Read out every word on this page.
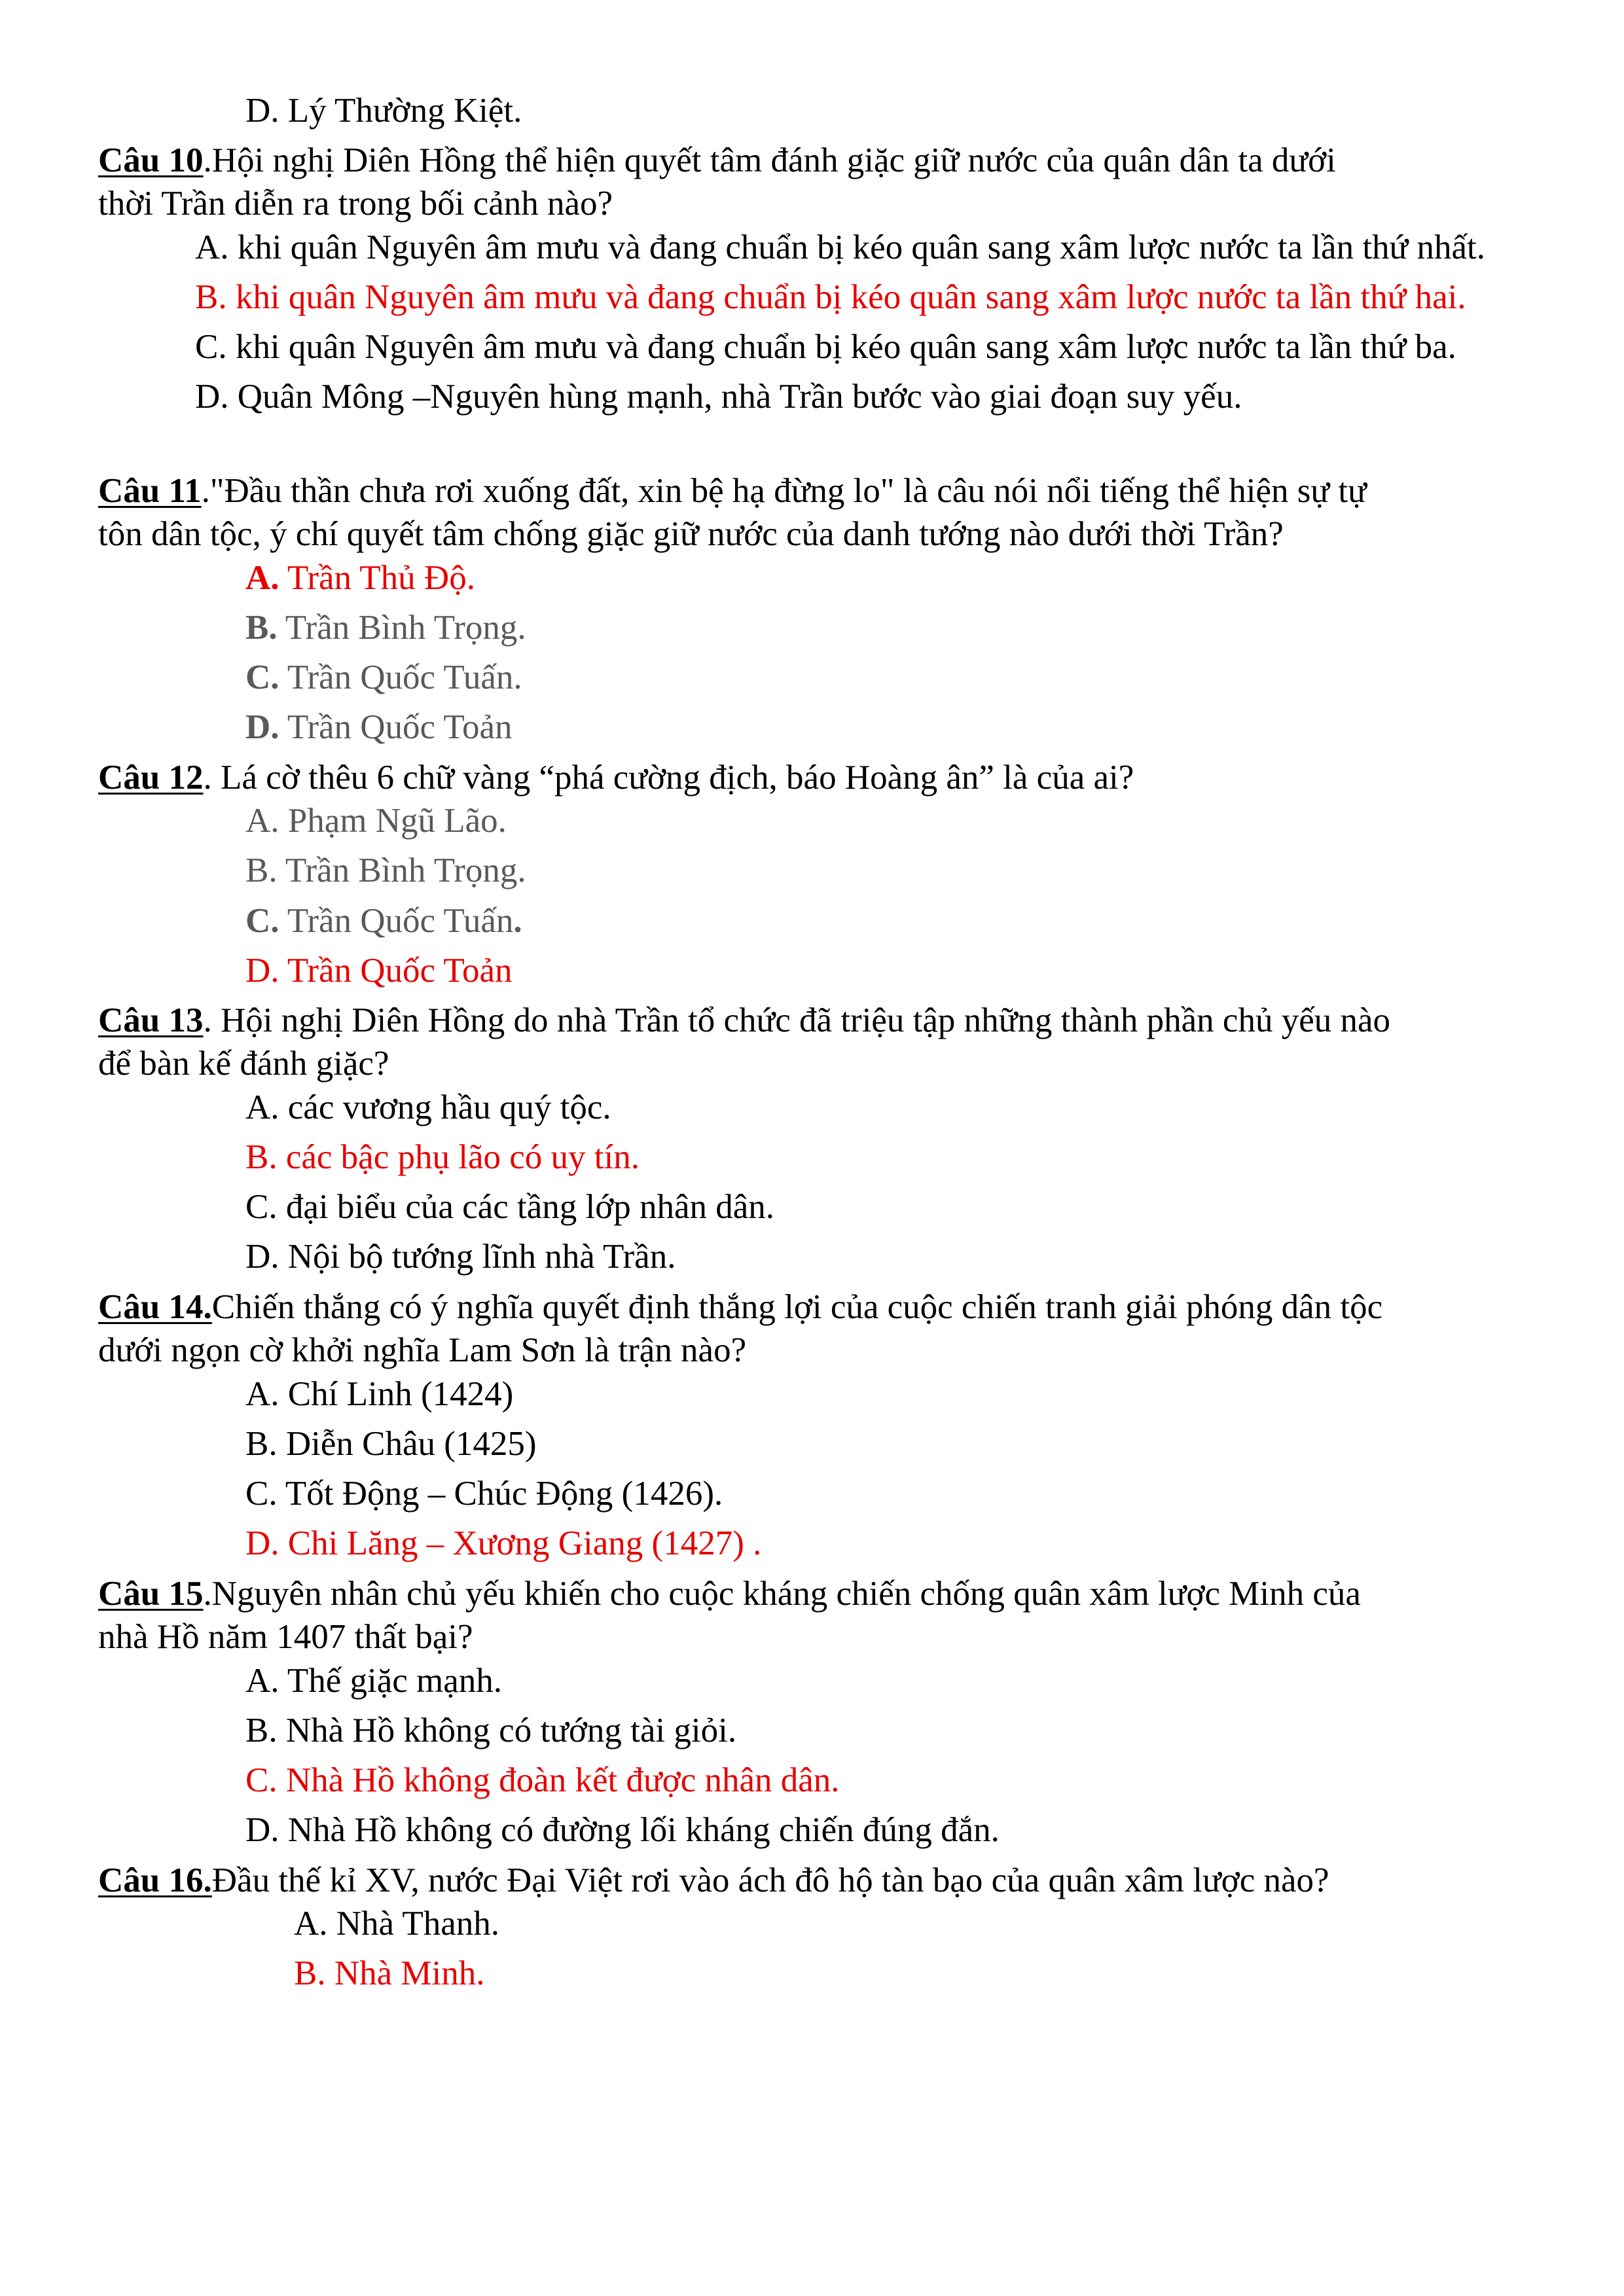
D. Lý Thường Kiệt.
Câu 10.Hội nghị Diên Hồng thể hiện quyết tâm đánh giặc giữ nước của quân dân ta dưới
thời Trần diễn ra trong bối cảnh nào?
A. khi quân Nguyên âm mưu và đang chuẩn bị kéo quân sang xâm lược nước ta lần thứ nhất.
B. khi quân Nguyên âm mưu và đang chuẩn bị kéo quân sang xâm lược nước ta lần thứ hai.
C. khi quân Nguyên âm mưu và đang chuẩn bị kéo quân sang xâm lược nước ta lần thứ ba.
D. Quân Mông –Nguyên hùng mạnh, nhà Trần bước vào giai đoạn suy yếu.
Câu 11."Đầu thần chưa rơi xuống đất, xin bệ hạ đừng lo" là câu nói nổi tiếng thể hiện sự tự
tôn dân tộc, ý chí quyết tâm chống giặc giữ nước của danh tướng nào dưới thời Trần?
A. Trần Thủ Độ.
B. Trần Bình Trọng.
C. Trần Quốc Tuấn.
D. Trần Quốc Toản
Câu 12. Lá cờ thêu 6 chữ vàng “phá cường địch, báo Hoàng ân” là của ai?
A. Phạm Ngũ Lão.
B. Trần Bình Trọng.
C. Trần Quốc Tuấn.
D. Trần Quốc Toản
Câu 13. Hội nghị Diên Hồng do nhà Trần tổ chức đã triệu tập những thành phần chủ yếu nào
để bàn kế đánh giặc?
A. các vương hầu quý tộc.
B. các bậc phụ lão có uy tín.
C. đại biểu của các tầng lớp nhân dân.
D. Nội bộ tướng lĩnh nhà Trần.
Câu 14.Chiến thắng có ý nghĩa quyết định thắng lợi của cuộc chiến tranh giải phóng dân tộc
dưới ngọn cờ khởi nghĩa Lam Sơn là trận nào?
A. Chí Linh (1424)
B. Diễn Châu (1425)
C. Tốt Động – Chúc Động (1426).
D. Chi Lăng – Xương Giang (1427) .
Câu 15.Nguyên nhân chủ yếu khiến cho cuộc kháng chiến chống quân xâm lược Minh của
nhà Hồ năm 1407 thất bại?
A. Thế giặc mạnh.
B. Nhà Hồ không có tướng tài giỏi.
C. Nhà Hồ không đoàn kết được nhân dân.
D. Nhà Hồ không có đường lối kháng chiến đúng đắn.
Câu 16.Đầu thế kỉ XV, nước Đại Việt rơi vào ách đô hộ tàn bạo của quân xâm lược nào?
A. Nhà Thanh.
B. Nhà Minh.
